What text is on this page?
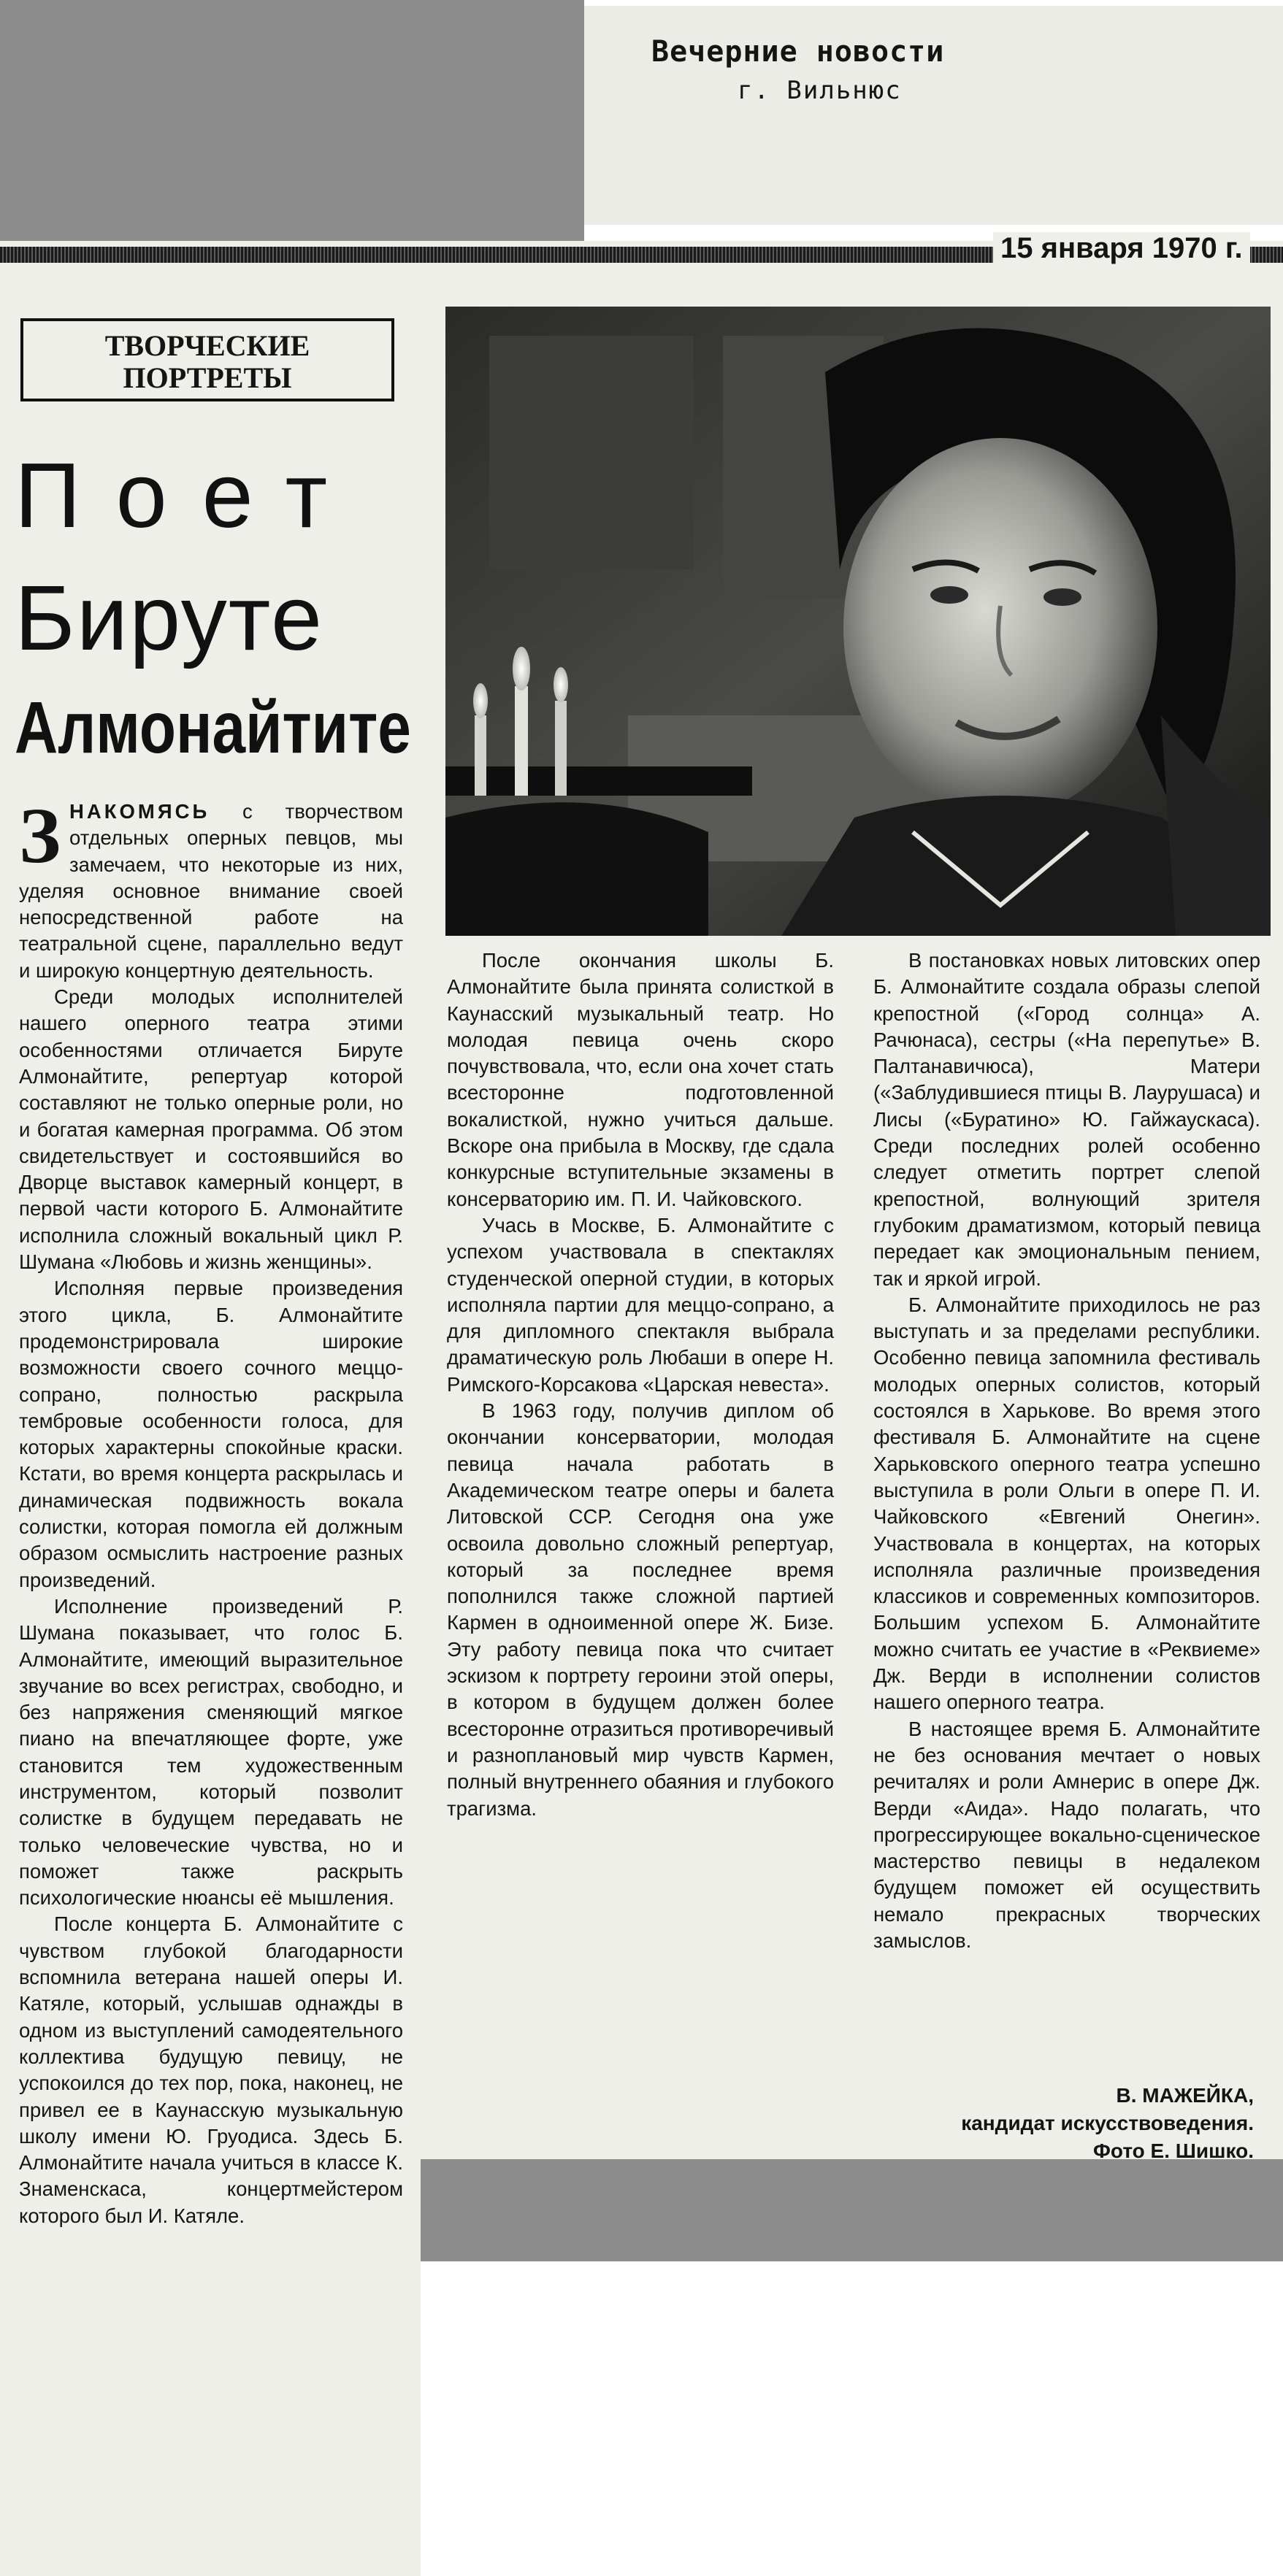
Вечерние новости
г. Вильнюс
15 января 1970 г.
ТВОРЧЕСКИЕ
ПОРТРЕТЫ
Поет
Бируте
Алмонайтите

ЗНАКОМЯСЬ с творчеством отдельных оперных певцов, мы замечаем, что некоторые из них, уделяя основное внимание своей непосредственной работе на театральной сцене, параллельно ведут и широкую концертную деятельность.

Среди молодых исполнителей нашего оперного театра этими особенностями отличается Бируте Алмонайтите, репертуар которой составляют не только оперные роли, но и богатая камерная программа. Об этом свидетельствует и состоявшийся во Дворце выставок камерный концерт, в первой части которого Б. Алмонайтите исполнила сложный вокальный цикл Р. Шумана «Любовь и жизнь женщины».

Исполняя первые произведения этого цикла, Б. Алмонайтите продемонстрировала широкие возможности своего сочного меццо-сопрано, полностью раскрыла тембровые особенности голоса, для которых характерны спокойные краски. Кстати, во время концерта раскрылась и динамическая подвижность вокала солистки, которая помогла ей должным образом осмыслить настроение разных произведений.

Исполнение произведений Р. Шумана показывает, что голос Б. Алмонайтите, имеющий выразительное звучание во всех регистрах, свободно, и без напряжения сменяющий мягкое пиано на впечатляющее форте, уже становится тем художественным инструментом, который позволит солистке в будущем передавать не только человеческие чувства, но и поможет также раскрыть психологические нюансы её мышления.

После концерта Б. Алмонайтите с чувством глубокой благодарности вспомнила ветерана нашей оперы И. Катяле, который, услышав однажды в одном из выступлений самодеятельного коллектива будущую певицу, не успокоился до тех пор, пока, наконец, не привел ее в Каунасскую музыкальную школу имени Ю. Груодиса. Здесь Б. Алмонайтите начала учиться в классе К. Знаменскаса, концертмейстером которого был И. Катяле.

После окончания школы Б. Алмонайтите была принята солисткой в Каунасский музыкальный театр. Но молодая певица очень скоро почувствовала, что, если она хочет стать всесторонне подготовленной вокалисткой, нужно учиться дальше. Вскоре она прибыла в Москву, где сдала конкурсные вступительные экзамены в консерваторию им. П. И. Чайковского.

Учась в Москве, Б. Алмонайтите с успехом участвовала в спектаклях студенческой оперной студии, в которых исполняла партии для меццо-сопрано, а для дипломного спектакля выбрала драматическую роль Любаши в опере Н. Римского-Корсакова «Царская невеста».

В 1963 году, получив диплом об окончании консерватории, молодая певица начала работать в Академическом театре оперы и балета Литовской ССР. Сегодня она уже освоила довольно сложный репертуар, который за последнее время пополнился также сложной партией Кармен в одноименной опере Ж. Бизе. Эту работу певица пока что считает эскизом к портрету героини этой оперы, в котором в будущем должен более всесторонне отразиться противоречивый и разноплановый мир чувств Кармен, полный внутреннего обаяния и глубокого трагизма.

В постановках новых литовских опер Б. Алмонайтите создала образы слепой крепостной («Город солнца» А. Рачюнаса), сестры («На перепутье» В. Палтанавичюса), Матери («Заблудившиеся птицы В. Лаурушаса) и Лисы («Буратино» Ю. Гайжаускаса). Среди последних ролей особенно следует отметить портрет слепой крепостной, волнующий зрителя глубоким драматизмом, который певица передает как эмоциональным пением, так и яркой игрой.

Б. Алмонайтите приходилось не раз выступать и за пределами республики. Особенно певица запомнила фестиваль молодых оперных солистов, который состоялся в Харькове. Во время этого фестиваля Б. Алмонайтите на сцене Харьковского оперного театра успешно выступила в роли Ольги в опере П. И. Чайковского «Евгений Онегин». Участвовала в концертах, на которых исполняла различные произведения классиков и современных композиторов. Большим успехом Б. Алмонайтите можно считать ее участие в «Реквиеме» Дж. Верди в исполнении солистов нашего оперного театра.

В настоящее время Б. Алмонайтите не без основания мечтает о новых речиталях и роли Амнерис в опере Дж. Верди «Аида». Надо полагать, что прогрессирующее вокально-сценическое мастерство певицы в недалеком будущем поможет ей осуществить немало прекрасных творческих замыслов.

В. МАЖЕЙКА,
кандидат искусствоведения.
Фото Е. Шишко.
